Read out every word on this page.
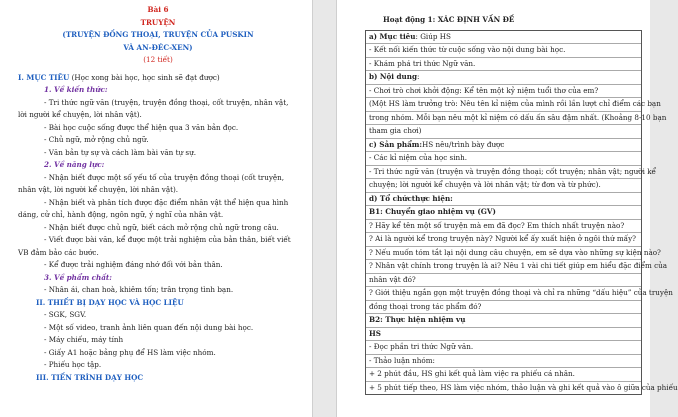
Bài 6
TRUYỆN
(TRUYỆN ĐỒNG THOẠI, TRUYỆN CỦA PUSKIN
VÀ AN-ĐÉC-XEN)
(12 tiết)
I. MỤC TIÊU (Học xong bài học, học sinh sẽ đạt được)
1. Về kiến thức:
- Tri thức ngữ văn (truyện, truyện đồng thoại, cốt truyện, nhân vật,
lời người kể chuyện, lời nhân vật).
- Bài học cuộc sống được thể hiện qua 3 văn bản đọc.
- Chủ ngữ, mở rộng chủ ngữ.
- Văn bản tự sự và cách làm bài văn tự sự.
2. Về năng lực:
- Nhận biết được một số yếu tố của truyện đồng thoại (cốt truyện,
nhân vật, lời người kể chuyện, lời nhân vật).
- Nhận biết và phân tích được đặc điểm nhân vật thể hiện qua hình
dáng, cử chỉ, hành động, ngôn ngữ, ý nghĩ của nhân vật.
- Nhận biết được chủ ngữ, biết cách mở rộng chủ ngữ trong câu.
- Viết được bài văn, kể được một trải nghiệm của bản thân, biết viết
VB đảm bảo các bước.
- Kể được trải nghiệm đáng nhớ đối với bản thân.
3. Về phẩm chất:
- Nhân ái, chan hoà, khiêm tốn; trân trọng tình bạn.
II. THIẾT BỊ DẠY HỌC VÀ HỌC LIỆU
- SGK, SGV.
- Một số video, tranh ảnh liên quan đến nội dung bài học.
- Máy chiếu, máy tính
- Giấy A1 hoặc bảng phụ để HS làm việc nhóm.
- Phiếu học tập.
III. TIẾN TRÌNH DẠY HỌC
Hoạt động 1: XÁC ĐỊNH VẤN ĐỀ
a) Mục tiêu: Giúp HS
- Kết nối kiến thức từ cuộc sống vào nội dung bài học.
- Khám phá tri thức Ngữ văn.
b) Nội dung:
- Chơi trò chơi khởi động: Kể tên một kỷ niệm tuổi thơ của em?
(Một HS làm trưởng trò: Nêu tên kỉ niệm của mình rồi lần lượt chỉ điểm các bạn
trong nhóm. Mỗi bạn nêu một kỉ niệm có dấu ấn sâu đậm nhất. (Khoảng 8-10 bạn
tham gia chơi)
c) Sản phẩm:HS nêu/trình bày được
- Các kỉ niệm của học sinh.
- Tri thức ngữ văn (truyện và truyện đồng thoại; cốt truyện; nhân vật; người kể
chuyện; lời người kể chuyện và lời nhân vật; từ đơn và từ phức).
d) Tổ chứcthực hiện:
B1: Chuyển giao nhiệm vụ (GV)
? Hãy kể tên một số truyện mà em đã đọc? Em thích nhất truyện nào?
? Ai là người kể trong truyện này? Người kể ấy xuất hiện ở ngôi thứ mấy?
? Nếu muốn tóm tắt lại nội dung câu chuyện, em sẽ dựa vào những sự kiện nào?
? Nhân vật chính trong truyện là ai? Nêu 1 vài chi tiết giúp em hiểu đặc điểm của
nhân vật đó?
? Giới thiệu ngắn gọn một truyện đồng thoại và chỉ ra những “dấu hiệu” của truyện
đồng thoại trong tác phẩm đó?
B2: Thực hiện nhiệm vụ
HS
- Đọc phần tri thức Ngữ văn.
- Thảo luận nhóm:
+ 2 phút đầu, HS ghi kết quả làm việc ra phiếu cá nhân.
+ 5 phút tiếp theo, HS làm việc nhóm, thảo luận và ghi kết quả vào ô giữa của phiếu
